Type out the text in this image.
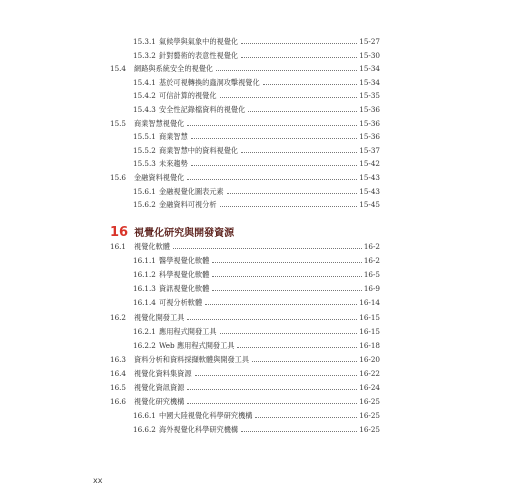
15.3.1 氣候學與氣象中的視覺化	15-27
15.3.2 針對藝術的表意性視覺化	15-30
15.4	網路與系統安全的視覺化	15-34
15.4.1 基於可視轉換的蟲洞攻擊視覺化	15-34
15.4.2 可信計算的視覺化	15-35
15.4.3 安全性記錄檔資料的視覺化	15-36
15.5	商業智慧視覺化	15-36
15.5.1 商業智慧	15-36
15.5.2 商業智慧中的資料視覺化	15-37
15.5.3 未來趨勢	15-42
15.6	金融資料視覺化	15-43
15.6.1 金融視覺化圖表元素	15-43
15.6.2 金融資料可視分析	15-45
16 視覺化研究與開發資源
16.1	視覺化軟體	16-2
16.1.1 醫學視覺化軟體	16-2
16.1.2 科學視覺化軟體	16-5
16.1.3 資訊視覺化軟體	16-9
16.1.4 可視分析軟體	16-14
16.2	視覺化開發工具	16-15
16.2.1 應用程式開發工具	16-15
16.2.2 Web 應用程式開發工具	16-18
16.3	資料分析和資料採擷軟體與開發工具	16-20
16.4	視覺化資料集資源	16-22
16.5	視覺化資訊資源	16-24
16.6	視覺化研究機構	16-25
16.6.1 中國大陸視覺化科學研究機構	16-25
16.6.2 海外視覺化科學研究機構	16-25
xx
